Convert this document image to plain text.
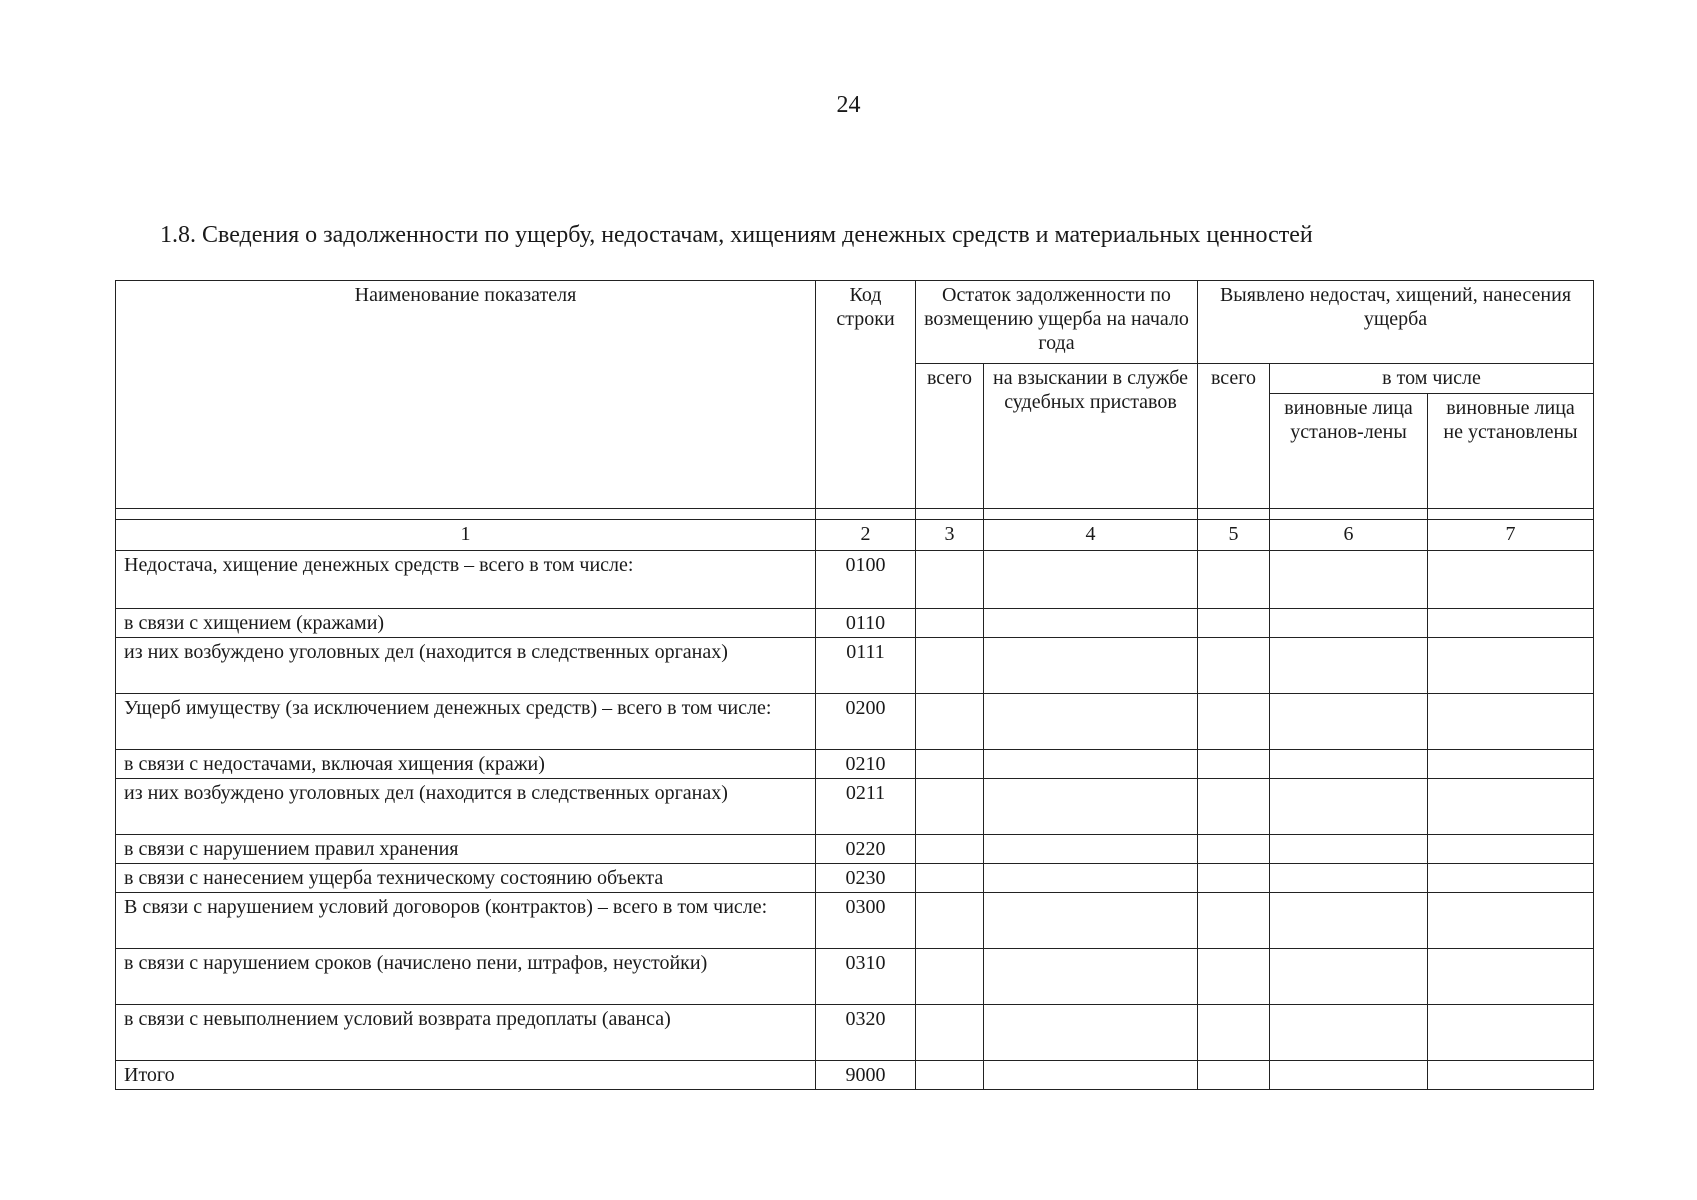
24
1.8. Сведения о задолженности по ущербу, недостачам, хищениям денежных средств и материальных ценностей
Наименование показателя	Код строки	Остаток задолженности по возмещению ущерба на начало года		Выявлено недостач, хищений, нанесения ущерба		
		всего	на взыскании в службе судебных приставов	всего	в том числе	
					виновные лица установ-лены	виновные лица не установлены

1	2	3	4	5	6	7
Недостача, хищение денежных средств – всего в том числе:	0100					
в связи с хищением (кражами)	0110					
из них возбуждено уголовных дел (находится в следственных органах)	0111					
Ущерб имуществу (за исключением денежных средств) – всего в том числе:	0200					
в связи с недостачами, включая хищения (кражи)	0210					
из них возбуждено уголовных дел (находится в следственных органах)	0211					
в связи с нарушением правил хранения	0220					
в связи с нанесением ущерба техническому состоянию объекта	0230					
В связи с нарушением условий договоров (контрактов) – всего в том числе:	0300					
в связи с нарушением сроков (начислено пени, штрафов, неустойки)	0310					
в связи с невыполнением условий возврата предоплаты (аванса)	0320					
Итого	9000					
